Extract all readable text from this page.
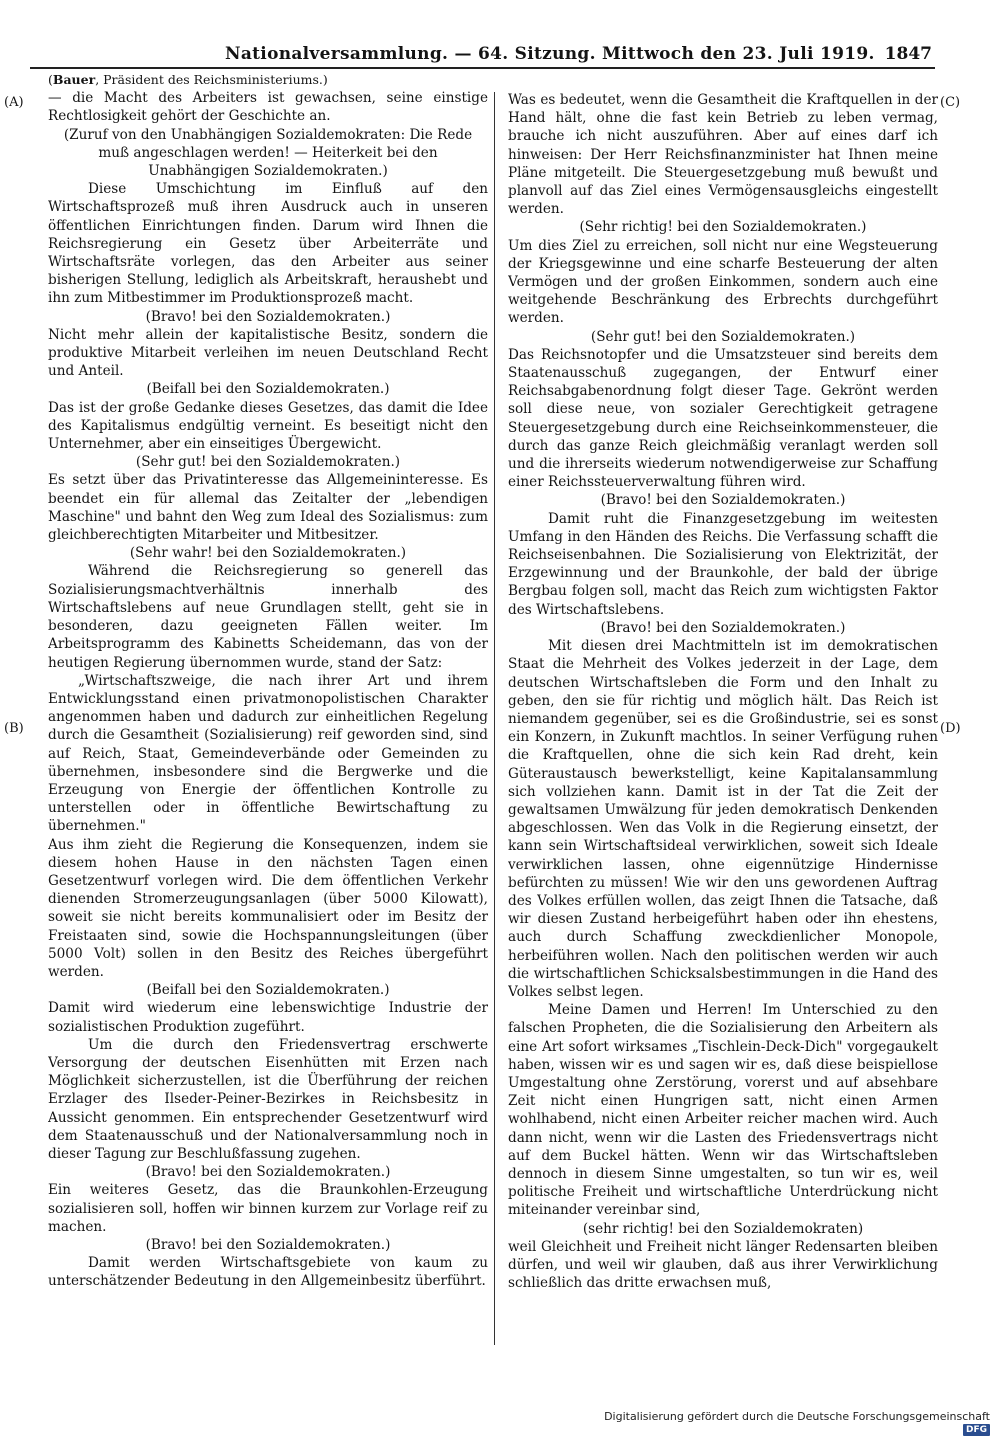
Nationalversammlung. — 64. Sitzung. Mittwoch den 23. Juli 1919. 1847
(A)
(B)
(C)
(D)

(Bauer, Präsident des Reichsministeriums.)

— die Macht des Arbeiters ist gewachsen, seine einstige Rechtlosigkeit gehört der Geschichte an.

(Zuruf von den Unabhängigen Sozialdemokraten: Die Rede muß angeschlagen werden! — Heiterkeit bei den Unabhängigen Sozialdemokraten.)

Diese Umschichtung im Einfluß auf den Wirtschaftsprozeß muß ihren Ausdruck auch in unseren öffentlichen Einrichtungen finden. Darum wird Ihnen die Reichsregierung ein Gesetz über Arbeiterräte und Wirtschaftsräte vorlegen, das den Arbeiter aus seiner bisherigen Stellung, lediglich als Arbeitskraft, heraushebt und ihn zum Mitbestimmer im Produktionsprozeß macht.

(Bravo! bei den Sozialdemokraten.)

Nicht mehr allein der kapitalistische Besitz, sondern die produktive Mitarbeit verleihen im neuen Deutschland Recht und Anteil.

(Beifall bei den Sozialdemokraten.)

Das ist der große Gedanke dieses Gesetzes, das damit die Idee des Kapitalismus endgültig verneint. Es beseitigt nicht den Unternehmer, aber ein einseitiges Übergewicht.

(Sehr gut! bei den Sozialdemokraten.)

Es setzt über das Privatinteresse das Allgemeininteresse. Es beendet ein für allemal das Zeitalter der „lebendigen Maschine" und bahnt den Weg zum Ideal des Sozialismus: zum gleichberechtigten Mitarbeiter und Mitbesitzer.

(Sehr wahr! bei den Sozialdemokraten.)

Während die Reichsregierung so generell das Sozialisierungsmachtverhältnis innerhalb des Wirtschaftslebens auf neue Grundlagen stellt, geht sie in besonderen, dazu geeigneten Fällen weiter. Im Arbeitsprogramm des Kabinetts Scheidemann, das von der heutigen Regierung übernommen wurde, stand der Satz:

„Wirtschaftszweige, die nach ihrer Art und ihrem Entwicklungsstand einen privatmonopolistischen Charakter angenommen haben und dadurch zur einheitlichen Regelung durch die Gesamtheit (Sozialisierung) reif geworden sind, sind auf Reich, Staat, Gemeindeverbände oder Gemeinden zu übernehmen, insbesondere sind die Bergwerke und die Erzeugung von Energie der öffentlichen Kontrolle zu unterstellen oder in öffentliche Bewirtschaftung zu übernehmen."

Aus ihm zieht die Regierung die Konsequenzen, indem sie diesem hohen Hause in den nächsten Tagen einen Gesetzentwurf vorlegen wird. Die dem öffentlichen Verkehr dienenden Stromerzeugungsanlagen (über 5000 Kilowatt), soweit sie nicht bereits kommunalisiert oder im Besitz der Freistaaten sind, sowie die Hochspannungsleitungen (über 5000 Volt) sollen in den Besitz des Reiches übergeführt werden.

(Beifall bei den Sozialdemokraten.)

Damit wird wiederum eine lebenswichtige Industrie der sozialistischen Produktion zugeführt.

Um die durch den Friedensvertrag erschwerte Versorgung der deutschen Eisenhütten mit Erzen nach Möglichkeit sicherzustellen, ist die Überführung der reichen Erzlager des Ilseder-Peiner-Bezirkes in Reichsbesitz in Aussicht genommen. Ein entsprechender Gesetzentwurf wird dem Staatenausschuß und der Nationalversammlung noch in dieser Tagung zur Beschlußfassung zugehen.

(Bravo! bei den Sozialdemokraten.)

Ein weiteres Gesetz, das die Braunkohlen-Erzeugung sozialisieren soll, hoffen wir binnen kurzem zur Vorlage reif zu machen.

(Bravo! bei den Sozialdemokraten.)

Damit werden Wirtschaftsgebiete von kaum zu unterschätzender Bedeutung in den Allgemeinbesitz überführt.

Was es bedeutet, wenn die Gesamtheit die Kraftquellen in der Hand hält, ohne die fast kein Betrieb zu leben vermag, brauche ich nicht auszuführen. Aber auf eines darf ich hinweisen: Der Herr Reichsfinanzminister hat Ihnen meine Pläne mitgeteilt. Die Steuergesetzgebung muß bewußt und planvoll auf das Ziel eines Vermögensausgleichs eingestellt werden.

(Sehr richtig! bei den Sozialdemokraten.)

Um dies Ziel zu erreichen, soll nicht nur eine Wegsteuerung der Kriegsgewinne und eine scharfe Besteuerung der alten Vermögen und der großen Einkommen, sondern auch eine weitgehende Beschränkung des Erbrechts durchgeführt werden.

(Sehr gut! bei den Sozialdemokraten.)

Das Reichsnotopfer und die Umsatzsteuer sind bereits dem Staatenausschuß zugegangen, der Entwurf einer Reichsabgabenordnung folgt dieser Tage. Gekrönt werden soll diese neue, von sozialer Gerechtigkeit getragene Steuergesetzgebung durch eine Reichseinkommensteuer, die durch das ganze Reich gleichmäßig veranlagt werden soll und die ihrerseits wiederum notwendigerweise zur Schaffung einer Reichssteuerverwaltung führen wird.

(Bravo! bei den Sozialdemokraten.)

Damit ruht die Finanzgesetzgebung im weitesten Umfang in den Händen des Reichs. Die Verfassung schafft die Reichseisenbahnen. Die Sozialisierung von Elektrizität, der Erzgewinnung und der Braunkohle, der bald der übrige Bergbau folgen soll, macht das Reich zum wichtigsten Faktor des Wirtschaftslebens.

(Bravo! bei den Sozialdemokraten.)

Mit diesen drei Machtmitteln ist im demokratischen Staat die Mehrheit des Volkes jederzeit in der Lage, dem deutschen Wirtschaftsleben die Form und den Inhalt zu geben, den sie für richtig und möglich hält. Das Reich ist niemandem gegenüber, sei es die Großindustrie, sei es sonst ein Konzern, in Zukunft machtlos. In seiner Verfügung ruhen die Kraftquellen, ohne die sich kein Rad dreht, kein Güteraustausch bewerkstelligt, keine Kapitalansammlung sich vollziehen kann. Damit ist in der Tat die Zeit der gewaltsamen Umwälzung für jeden demokratisch Denkenden abgeschlossen. Wen das Volk in die Regierung einsetzt, der kann sein Wirtschaftsideal verwirklichen, soweit sich Ideale verwirklichen lassen, ohne eigennützige Hindernisse befürchten zu müssen! Wie wir den uns gewordenen Auftrag des Volkes erfüllen wollen, das zeigt Ihnen die Tatsache, daß wir diesen Zustand herbeigeführt haben oder ihn ehestens, auch durch Schaffung zweckdienlicher Monopole, herbeiführen wollen. Nach den politischen werden wir auch die wirtschaftlichen Schicksalsbestimmungen in die Hand des Volkes selbst legen.

Meine Damen und Herren! Im Unterschied zu den falschen Propheten, die die Sozialisierung den Arbeitern als eine Art sofort wirksames „Tischlein-Deck-Dich" vorgegaukelt haben, wissen wir es und sagen wir es, daß diese beispiellose Umgestaltung ohne Zerstörung, vorerst und auf absehbare Zeit nicht einen Hungrigen satt, nicht einen Armen wohlhabend, nicht einen Arbeiter reicher machen wird. Auch dann nicht, wenn wir die Lasten des Friedensvertrags nicht auf dem Buckel hätten. Wenn wir das Wirtschaftsleben dennoch in diesem Sinne umgestalten, so tun wir es, weil politische Freiheit und wirtschaftliche Unterdrückung nicht miteinander vereinbar sind,

(sehr richtig! bei den Sozialdemokraten)

weil Gleichheit und Freiheit nicht länger Redensarten bleiben dürfen, und weil wir glauben, daß aus ihrer Verwirklichung schließlich das dritte erwachsen muß,

Digitalisierung gefördert durch die Deutsche ForschungsgemeinschaftDFG
